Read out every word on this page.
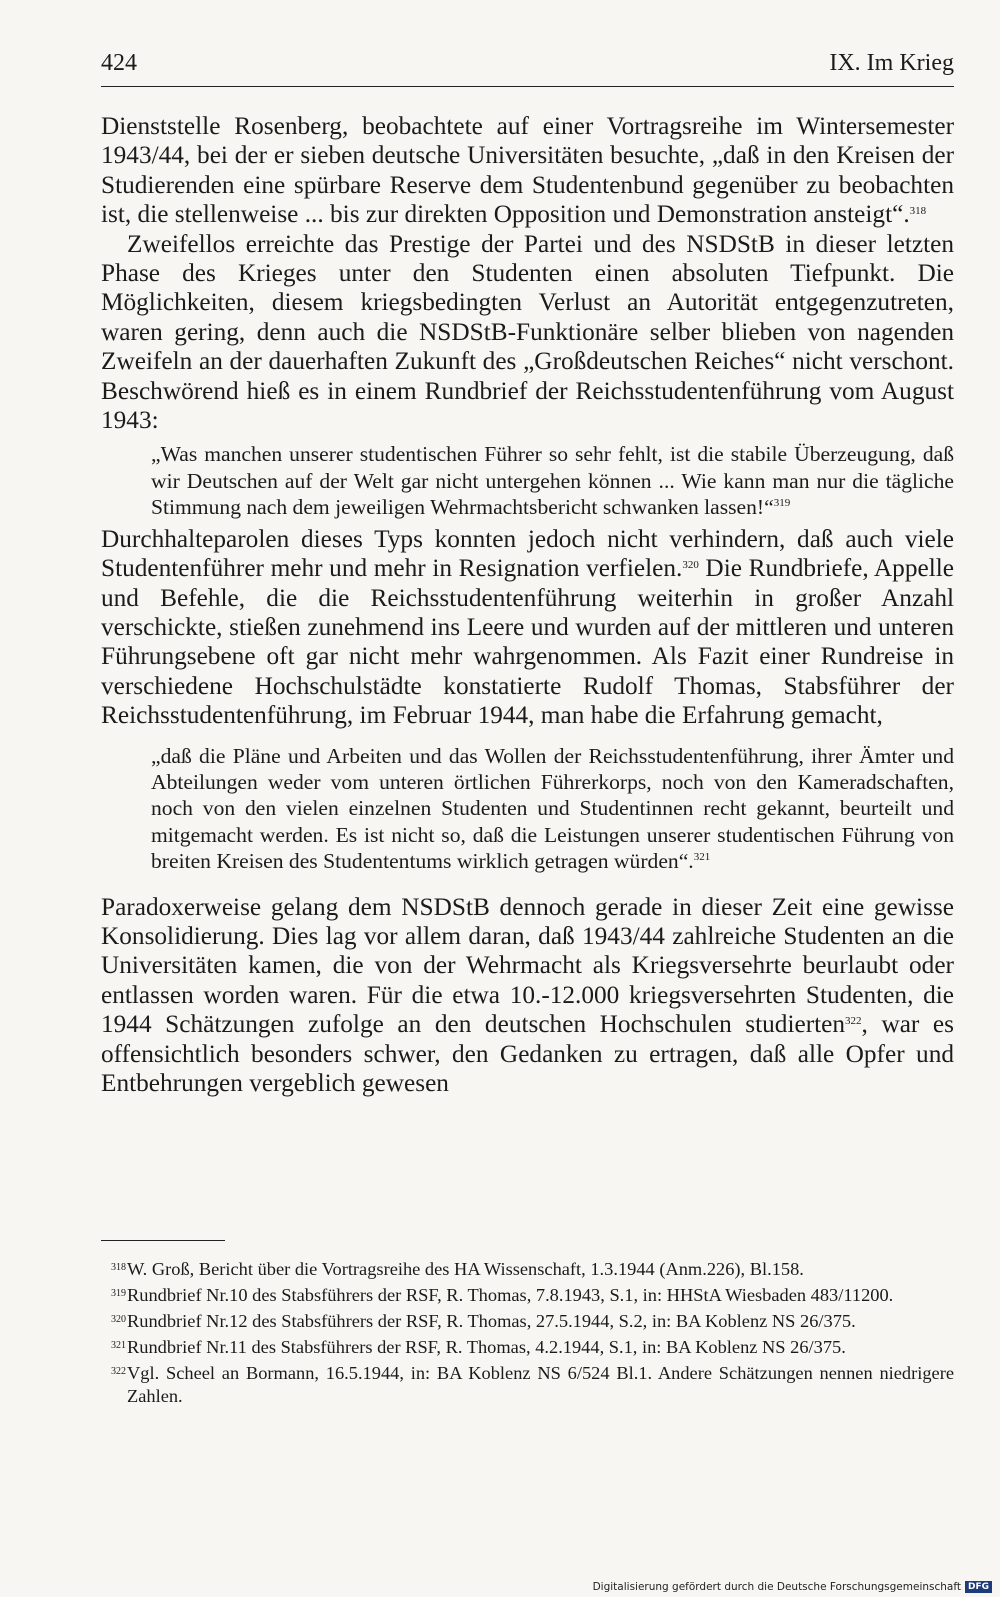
424	IX. Im Krieg

Dienststelle Rosenberg, beobachtete auf einer Vortragsreihe im Wintersemester 1943/44, bei der er sieben deutsche Universitäten besuchte, „daß in den Kreisen der Studierenden eine spürbare Reserve dem Studentenbund gegenüber zu beobachten ist, die stellenweise ... bis zur direkten Opposition und Demonstration ansteigt“.$^{318}$

Zweifellos erreichte das Prestige der Partei und des NSDStB in dieser letzten Phase des Krieges unter den Studenten einen absoluten Tiefpunkt. Die Möglichkeiten, diesem kriegsbedingten Verlust an Autorität entgegenzutreten, waren gering, denn auch die NSDStB-Funktionäre selber blieben von nagenden Zweifeln an der dauerhaften Zukunft des „Großdeutschen Reiches“ nicht verschont. Beschwörend hieß es in einem Rundbrief der Reichsstudentenführung vom August 1943:

„Was manchen unserer studentischen Führer so sehr fehlt, ist die stabile Überzeugung, daß wir Deutschen auf der Welt gar nicht untergehen können ... Wie kann man nur die tägliche Stimmung nach dem jeweiligen Wehrmachtsbericht schwanken lassen!“$^{319}$

Durchhalteparolen dieses Typs konnten jedoch nicht verhindern, daß auch viele Studentenführer mehr und mehr in Resignation verfielen.$^{320}$ Die Rundbriefe, Appelle und Befehle, die die Reichsstudentenführung weiterhin in großer Anzahl verschickte, stießen zunehmend ins Leere und wurden auf der mittleren und unteren Führungsebene oft gar nicht mehr wahrgenommen. Als Fazit einer Rundreise in verschiedene Hochschulstädte konstatierte Rudolf Thomas, Stabsführer der Reichsstudentenführung, im Februar 1944, man habe die Erfahrung gemacht,

„daß die Pläne und Arbeiten und das Wollen der Reichsstudentenführung, ihrer Ämter und Abteilungen weder vom unteren örtlichen Führerkorps, noch von den Kameradschaften, noch von den vielen einzelnen Studenten und Studentinnen recht gekannt, beurteilt und mitgemacht werden. Es ist nicht so, daß die Leistungen unserer studentischen Führung von breiten Kreisen des Studententums wirklich getragen würden“.$^{321}$

Paradoxerweise gelang dem NSDStB dennoch gerade in dieser Zeit eine gewisse Konsolidierung. Dies lag vor allem daran, daß 1943/44 zahlreiche Studenten an die Universitäten kamen, die von der Wehrmacht als Kriegsversehrte beurlaubt oder entlassen worden waren. Für die etwa 10.-12.000 kriegsversehrten Studenten, die 1944 Schätzungen zufolge an den deutschen Hochschulen studierten$^{322}$, war es offensichtlich besonders schwer, den Gedanken zu ertragen, daß alle Opfer und Entbehrungen vergeblich gewesen

318 W. Groß, Bericht über die Vortragsreihe des HA Wissenschaft, 1.3.1944 (Anm.226), Bl.158.
319 Rundbrief Nr.10 des Stabsführers der RSF, R. Thomas, 7.8.1943, S.1, in: HHStA Wiesbaden 483/11200.
320 Rundbrief Nr.12 des Stabsführers der RSF, R. Thomas, 27.5.1944, S.2, in: BA Koblenz NS 26/375.
321 Rundbrief Nr.11 des Stabsführers der RSF, R. Thomas, 4.2.1944, S.1, in: BA Koblenz NS 26/375.
322 Vgl. Scheel an Bormann, 16.5.1944, in: BA Koblenz NS 6/524 Bl.1. Andere Schätzungen nennen niedrigere Zahlen.
Digitalisierung gefördert durch die Deutsche Forschungsgemeinschaft DFG
